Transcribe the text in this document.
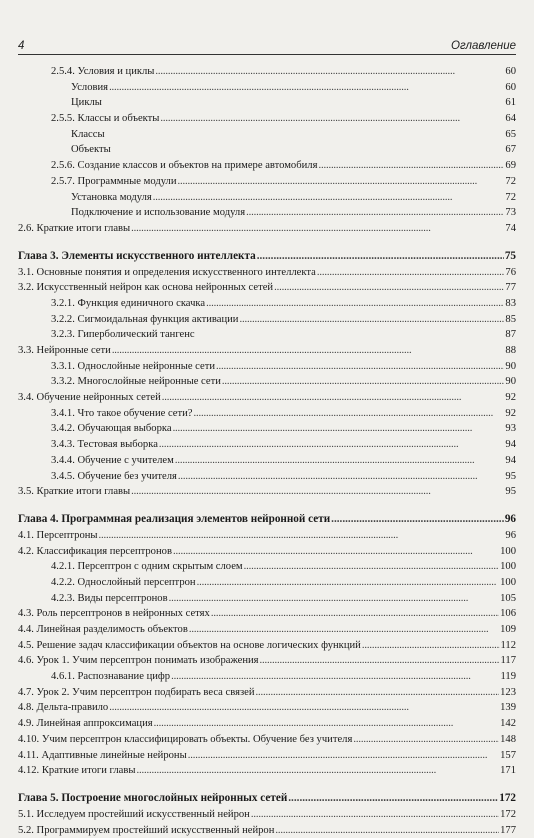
4	Оглавление
2.5.4. Условия и циклы . . .	60
Условия . . .	60
Циклы	61
2.5.5. Классы и объекты . . .	64
Классы	65
Объекты	67
2.5.6. Создание классов и объектов на примере автомобиля . . .	69
2.5.7. Программные модули . . .	72
Установка модуля . . .	72
Подключение и использование модуля . . .	73
2.6. Краткие итоги главы . . .	74
Глава 3. Элементы искусственного интеллекта . . .	75
3.1. Основные понятия и определения искусственного интеллекта . . .	76
3.2. Искусственный нейрон как основа нейронных сетей . . .	77
3.2.1. Функция единичного скачка . . .	83
3.2.2. Сигмоидальная функция активации . . .	85
3.2.3. Гиперболический тангенс	87
3.3. Нейронные сети . . .	88
3.3.1. Однослойные нейронные сети . . .	90
3.3.2. Многослойные нейронные сети . . .	90
3.4. Обучение нейронных сетей . . .	92
3.4.1. Что такое обучение сети? . . .	92
3.4.2. Обучающая выборка . . .	93
3.4.3. Тестовая выборка . . .	94
3.4.4. Обучение с учителем . . .	94
3.4.5. Обучение без учителя . . .	95
3.5. Краткие итоги главы . . .	95
Глава 4. Программная реализация элементов нейронной сети . . .	96
4.1. Персептроны . . .	96
4.2. Классификация персептронов . . .	100
4.2.1. Персептрон с одним скрытым слоем . . .	100
4.2.2. Однослойный персептрон . . .	100
4.2.3. Виды персептронов . . .	105
4.3. Роль персептронов в нейронных сетях . . .	106
4.4. Линейная разделимость объектов . . .	109
4.5. Решение задач классификации объектов на основе логических функций . . .	112
4.6. Урок 1. Учим персептрон понимать изображения . . .	117
4.6.1. Распознавание цифр . . .	119
4.7. Урок 2. Учим персептрон подбирать веса связей . . .	123
4.8. Дельта-правило . . .	139
4.9. Линейная аппроксимация . . .	142
4.10. Учим персептрон классифицировать объекты. Обучение без учителя . . .	148
4.11. Адаптивные линейные нейроны . . .	157
4.12. Краткие итоги главы . . .	171
Глава 5. Построение многослойных нейронных сетей . . .	172
5.1. Исследуем простейший искусственный нейрон . . .	172
5.2. Программируем простейший искусственный нейрон . . .	177
